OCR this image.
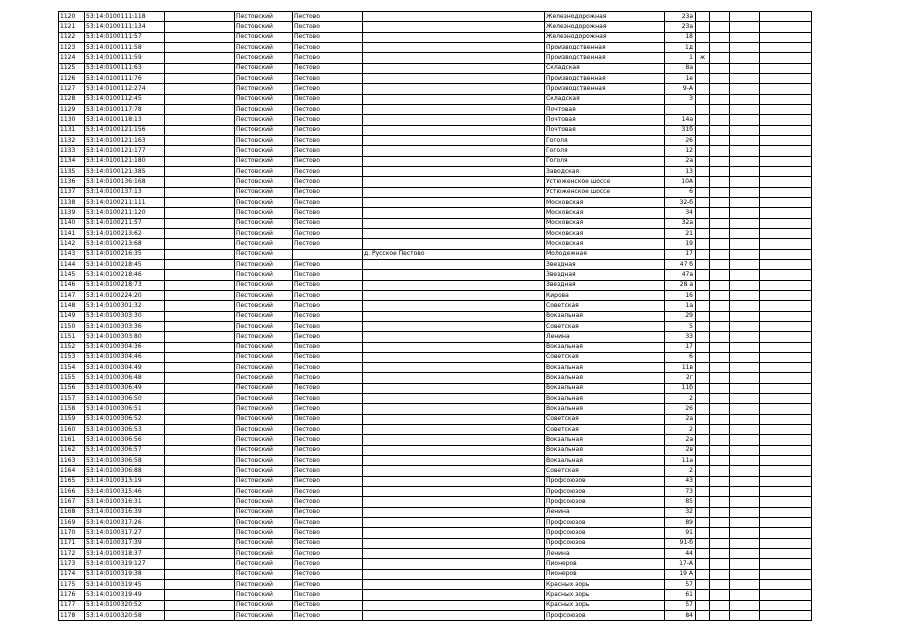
1120	53:14:0100111:118		Пестовский	Пестово		Железнодорожная	23а				
1121	53:14:0100111:134		Пестовский	Пестово		Железнодорожная	23а				
1122	53:14:0100111:57		Пестовский	Пестово		Железнодорожная	18				
1123	53:14:0100111:58		Пестовский	Пестово		Производственная	1д				
1124	53:14:0100111:59		Пестовский	Пестово		Производственная	1	ж			
1125	53:14:0100111:63		Пестовский	Пестово		Складская	8а				
1126	53:14:0100111:76		Пестовский	Пестово		Производственная	1е				
1127	53:14:0100112:274		Пестовский	Пестово		Производственная	9-А				
1128	53:14:0100112:45		Пестовский	Пестово		Складская	3				
1129	53:14:0100117:78		Пестовский	Пестово		Почтовая					
1130	53:14:0100118:13		Пестовский	Пестово		Почтовая	14а				
1131	53:14:0100121:156		Пестовский	Пестово		Почтовая	31б				
1132	53:14:0100121:163		Пестовский	Пестово		Гоголя	26				
1133	53:14:0100121:177		Пестовский	Пестово		Гоголя	12				
1134	53:14:0100121:180		Пестовский	Пестово		Гоголя	2а				
1135	53:14:0100121:385		Пестовский	Пестово		Заводская	13				
1136	53:14:0100136:168		Пестовский	Пестово		Устюженское шоссе	10А				
1137	53:14:0100137:13		Пестовский	Пестово		Устюженское шоссе	6				
1138	53:14:0100211:111		Пестовский	Пестово		Московская	32-б				
1139	53:14:0100211:120		Пестовский	Пестово		Московская	34				
1140	53:14:0100211:57		Пестовский	Пестово		Московская	32а				
1141	53:14:0100213:62		Пестовский	Пестово		Московская	21				
1142	53:14:0100213:68		Пестовский	Пестово		Московская	19				
1143	53:14:0100216:35		Пестовский		д. Русское Пестово	Молодежная	17				
1144	53:14:0100218:45		Пестовский	Пестово		Звездная	47 б				
1145	53:14:0100218:46		Пестовский	Пестово		Звездная	47а				
1146	53:14:0100218:73		Пестовский	Пестово		Звездная	28 а				
1147	53:14:0100224:20		Пестовский	Пестово		Кирова	16				
1148	53:14:0100301:32		Пестовский	Пестово		Советская	1а				
1149	53:14:0100303:30		Пестовский	Пестово		Вокзальная	29				
1150	53:14:0100303:36		Пестовский	Пестово		Советская	5				
1151	53:14:0100303:80		Пестовский	Пестово		Ленина	33				
1152	53:14:0100304:36		Пестовский	Пестово		Вокзальная	17				
1153	53:14:0100304:46		Пестовский	Пестово		Советская	6				
1154	53:14:0100304:49		Пестовский	Пестово		Вокзальная	11в				
1155	53:14:0100306:48		Пестовский	Пестово		Вокзальная	2г				
1156	53:14:0100306:49		Пестовский	Пестово		Вокзальная	11б				
1157	53:14:0100306:50		Пестовский	Пестово		Вокзальная	2				
1158	53:14:0100306:51		Пестовский	Пестово		Вокзальная	26				
1159	53:14:0100306:52		Пестовский	Пестово		Советская	2а				
1160	53:14:0100306:53		Пестовский	Пестово		Советская	2				
1161	53:14:0100306:56		Пестовский	Пестово		Вокзальная	2а				
1162	53:14:0100306:57		Пестовский	Пестово		Вокзальная	2в				
1163	53:14:0100306:58		Пестовский	Пестово		Вокзальная	11а				
1164	53:14:0100306:88		Пестовский	Пестово		Советская	2				
1165	53:14:0100313:19		Пестовский	Пестово		Профсоюзов	43				
1166	53:14:0100315:46		Пестовский	Пестово		Профсоюзов	73				
1167	53:14:0100316:31		Пестовский	Пестово		Профсоюзов	85				
1168	53:14:0100316:39		Пестовский	Пестово		Ленина	32				
1169	53:14:0100317:26		Пестовский	Пестово		Профсоюзов	89				
1170	53:14:0100317:27		Пестовский	Пестово		Профсоюзов	91				
1171	53:14:0100317:39		Пестовский	Пестово		Профсоюзов	91-б				
1172	53:14:0100318:37		Пестовский	Пестово		Ленина	44				
1173	53:14:0100319:127		Пестовский	Пестово		Пионеров	17-А				
1174	53:14:0100319:38		Пестовский	Пестово		Пионеров	19 А				
1175	53:14:0100319:45		Пестовский	Пестово		Красных зорь	57				
1176	53:14:0100319:49		Пестовский	Пестово		Красных зорь	61				
1177	53:14:0100320:52		Пестовский	Пестово		Красных зорь	57				
1178	53:14:0100320:58		Пестовский	Пестово		Профсоюзов	84				
